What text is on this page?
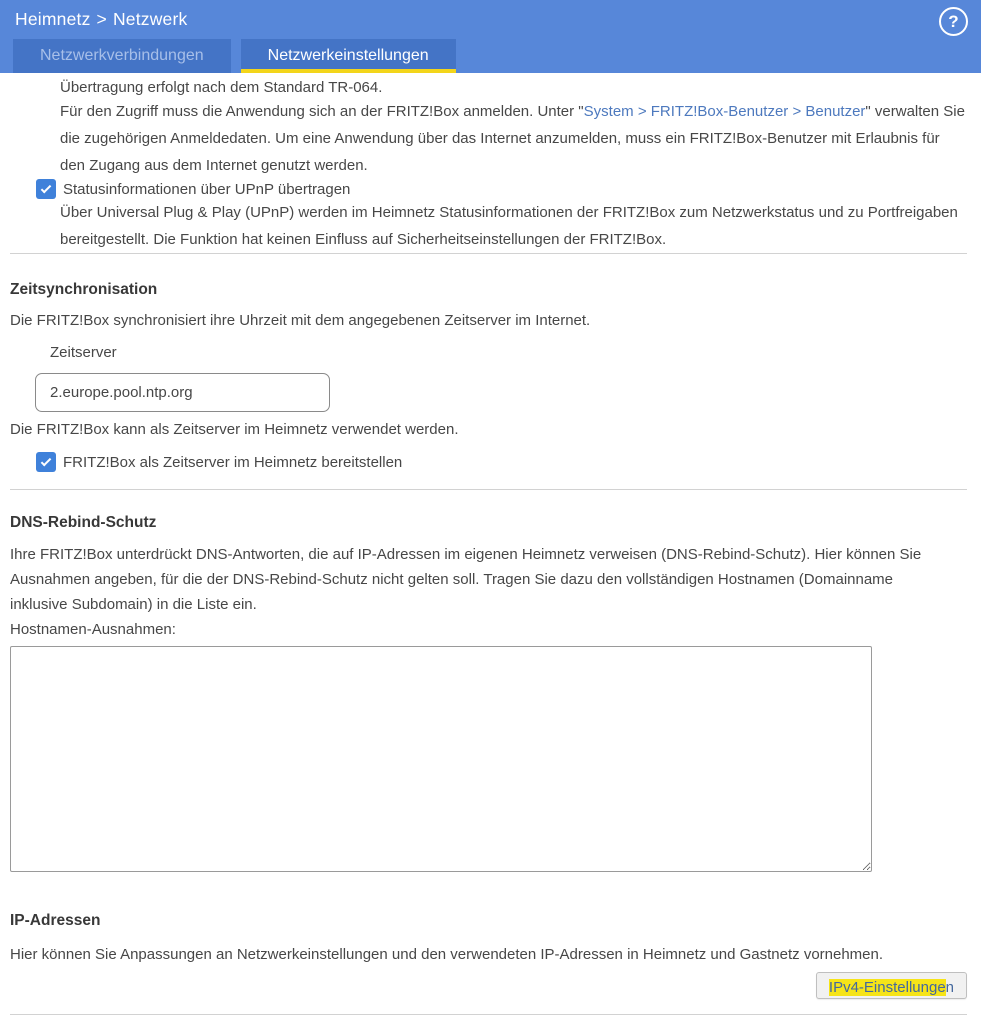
Heimnetz > Netzwerk	?
Netzwerkverbindungen	Netzwerkeinstellungen

Übertragung erfolgt nach dem Standard TR-064.

Für den Zugriff muss die Anwendung sich an der FRITZ!Box anmelden. Unter "System > FRITZ!Box-Benutzer > Benutzer" verwalten Sie die zugehörigen Anmeldedaten. Um eine Anwendung über das Internet anzumelden, muss ein FRITZ!Box-Benutzer mit Erlaubnis für den Zugang aus dem Internet genutzt werden.

Statusinformationen über UPnP übertragen

Über Universal Plug & Play (UPnP) werden im Heimnetz Statusinformationen der FRITZ!Box zum Netzwerkstatus und zu Portfreigaben bereitgestellt. Die Funktion hat keinen Einfluss auf Sicherheitseinstellungen der FRITZ!Box.

Zeitsynchronisation

Die FRITZ!Box synchronisiert ihre Uhrzeit mit dem angegebenen Zeitserver im Internet.

Zeitserver
2.europe.pool.ntp.org

Die FRITZ!Box kann als Zeitserver im Heimnetz verwendet werden.

FRITZ!Box als Zeitserver im Heimnetz bereitstellen
DNS-Rebind-Schutz

Ihre FRITZ!Box unterdrückt DNS-Antworten, die auf IP-Adressen im eigenen Heimnetz verweisen (DNS-Rebind-Schutz). Hier können Sie Ausnahmen angeben, für die der DNS-Rebind-Schutz nicht gelten soll. Tragen Sie dazu den vollständigen Hostnamen (Domainname inklusive Subdomain) in die Liste ein.

Hostnamen-Ausnahmen:
IP-Adressen

Hier können Sie Anpassungen an Netzwerkeinstellungen und den verwendeten IP-Adressen in Heimnetz und Gastnetz vornehmen.

IPv4-Einstellungen
